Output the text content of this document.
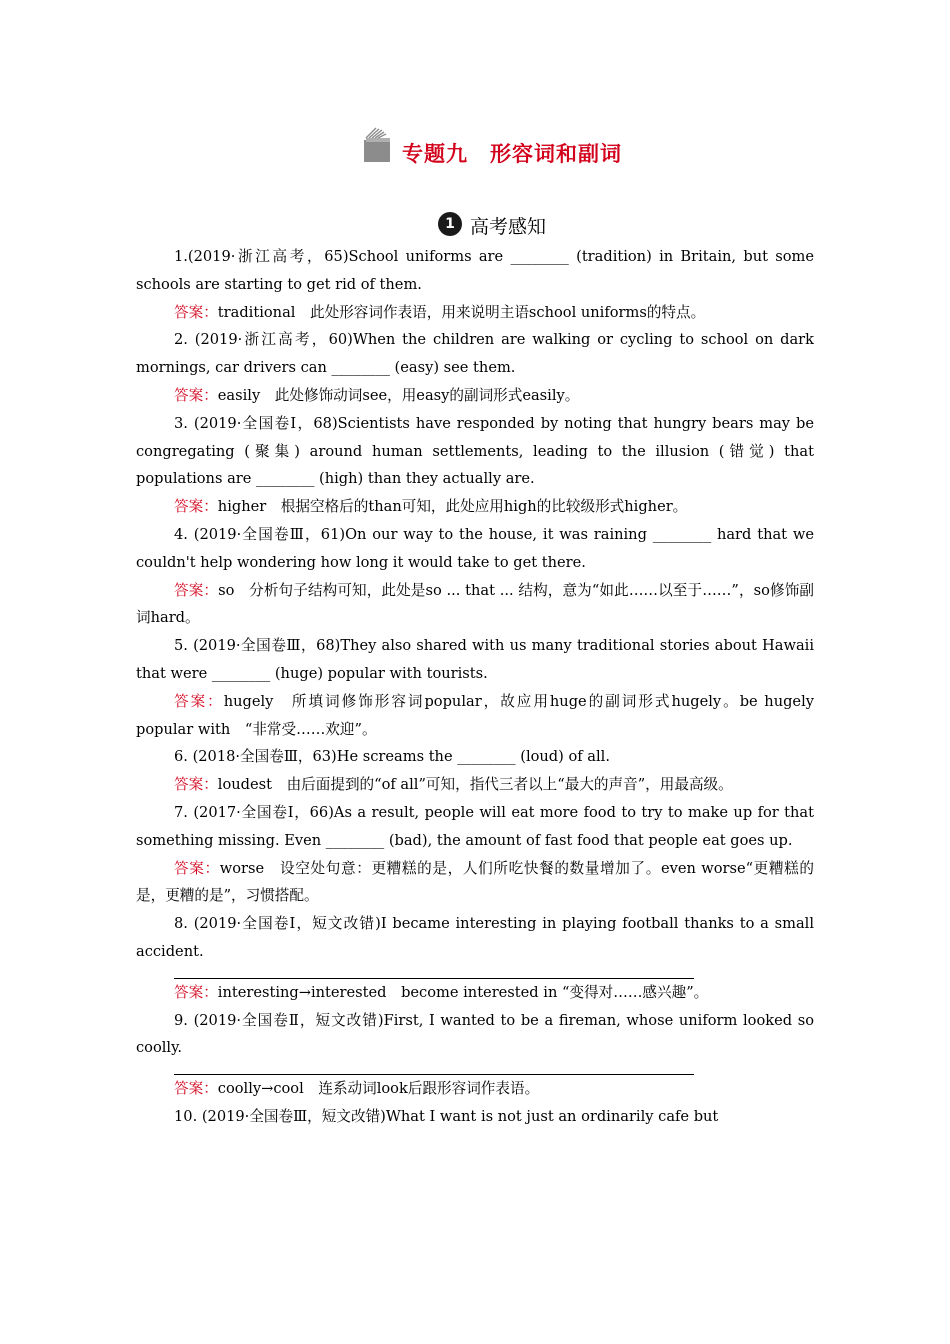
专题九　形容词和副词
1 高考感知

1.(2019·浙江高考，65)School uniforms are ________ (tradition) in Britain, but some schools are starting to get rid of them.

答案：traditional　此处形容词作表语，用来说明主语school uniforms的特点。

2. (2019·浙江高考，60)When the children are walking or cycling to school on dark mornings, car drivers can ________ (easy) see them.

答案：easily　此处修饰动词see，用easy的副词形式easily。

3. (2019·全国卷Ⅰ，68)Scientists have responded by noting that hungry bears may be congregating (聚集) around human settlements, leading to the illusion (错觉) that populations are ________ (high) than they actually are.

答案：higher　根据空格后的than可知，此处应用high的比较级形式higher。

4. (2019·全国卷Ⅲ，61)On our way to the house, it was raining ________ hard that we couldn't help wondering how long it would take to get there.

答案：so　分析句子结构可知，此处是so ... that ... 结构，意为“如此……以至于……”，so修饰副词hard。

5. (2019·全国卷Ⅲ，68)They also shared with us many traditional stories about Hawaii that were ________ (huge) popular with tourists.

答案：hugely　所填词修饰形容词popular，故应用huge的副词形式hugely。be hugely popular with　“非常受……欢迎”。

6. (2018·全国卷Ⅲ，63)He screams the ________ (loud) of all.

答案：loudest　由后面提到的“of all”可知，指代三者以上“最大的声音”，用最高级。

7. (2017·全国卷Ⅰ，66)As a result, people will eat more food to try to make up for that something missing. Even ________ (bad), the amount of fast food that people eat goes up.

答案：worse　设空处句意：更糟糕的是，人们所吃快餐的数量增加了。even worse“更糟糕的是，更糟的是”，习惯搭配。

8. (2019·全国卷Ⅰ，短文改错)I became interesting in playing football thanks to a small accident.

答案：interesting→interested　become interested in “变得对……感兴趣”。

9. (2019·全国卷Ⅱ，短文改错)First, I wanted to be a fireman, whose uniform looked so coolly.

答案：coolly→cool　连系动词look后跟形容词作表语。

10. (2019·全国卷Ⅲ，短文改错)What I want is not just an ordinarily cafe but
